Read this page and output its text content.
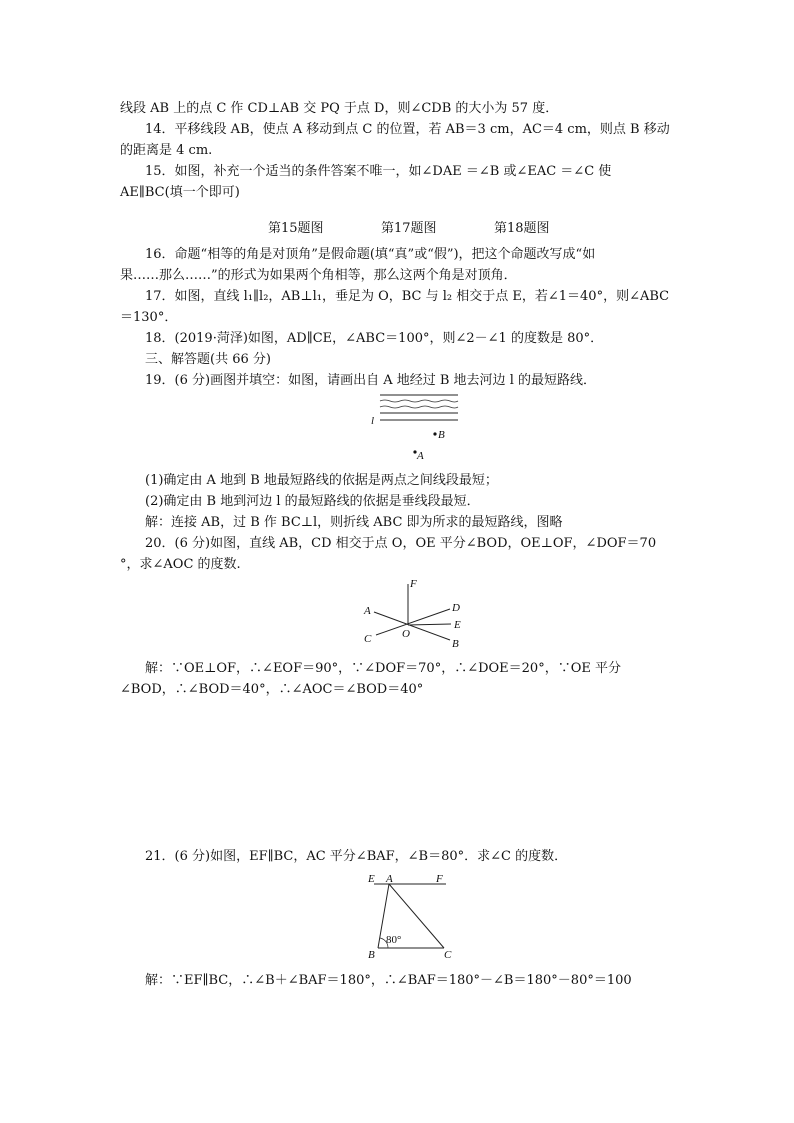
线段 AB 上的点 C 作 CD⊥AB 交 PQ 于点 D，则∠CDB 的大小为 57 度．
14．平移线段 AB，使点 A 移动到点 C 的位置，若 AB＝3 cm，AC＝4 cm，则点 B 移动
的距离是 4 cm.
15．如图，补充一个适当的条件答案不唯一，如∠DAE ＝∠B 或∠EAC ＝∠C 使
AE∥BC(填一个即可)
第15题图	第17题图	第18题图
16．命题“相等的角是对顶角”是假命题(填“真”或“假”)，把这个命题改写成“如
果……那么……”的形式为如果两个角相等，那么这两个角是对顶角．
17．如图，直线 l₁∥l₂，AB⊥l₁，垂足为 O，BC 与 l₂ 相交于点 E，若∠1＝40°，则∠ABC
＝130°．
18．(2019·菏泽)如图，AD∥CE，∠ABC＝100°，则∠2－∠1 的度数是 80°．
三、解答题(共 66 分)
19．(6 分)画图并填空：如图，请画出自 A 地经过 B 地去河边 l 的最短路线．
l
B
A
(1)确定由 A 地到 B 地最短路线的依据是两点之间线段最短；
(2)确定由 B 地到河边 l 的最短路线的依据是垂线段最短．
解：连接 AB，过 B 作 BC⊥l，则折线 ABC 即为所求的最短路线，图略
20．(6 分)如图，直线 AB，CD 相交于点 O，OE 平分∠BOD，OE⊥OF，∠DOF＝70
°，求∠AOC 的度数.
F
A	D
E
C	O
B
解：∵OE⊥OF，∴∠EOF＝90°，∵∠DOF＝70°，∴∠DOE＝20°，∵OE 平分
∠BOD，∴∠BOD＝40°，∴∠AOC＝∠BOD＝40°
21．(6 分)如图，EF∥BC，AC 平分∠BAF，∠B＝80°．求∠C 的度数．
E A	F
80°
B	C
解：∵EF∥BC，∴∠B＋∠BAF＝180°，∴∠BAF＝180°－∠B＝180°－80°＝100
